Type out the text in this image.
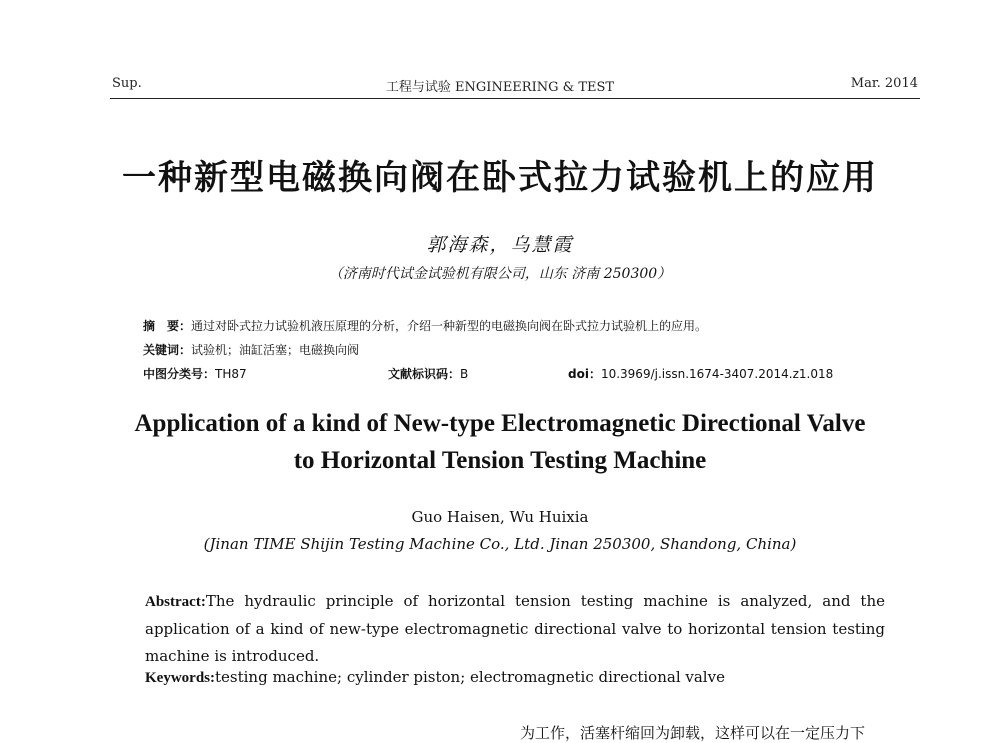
Sup.	工程与试验 ENGINEERING & TEST	Mar. 2014
一种新型电磁换向阀在卧式拉力试验机上的应用
郭海森，乌慧霞
（济南时代试金试验机有限公司，山东 济南 250300）
摘　要：通过对卧式拉力试验机液压原理的分析，介绍一种新型的电磁换向阀在卧式拉力试验机上的应用。
关键词：试验机；油缸活塞；电磁换向阀
中图分类号：TH87	文献标识码：B	doi：10.3969/j.issn.1674-3407.2014.z1.018
Application of a kind of New-type Electromagnetic Directional Valve
to Horizontal Tension Testing Machine
Guo Haisen, Wu Huixia
(Jinan TIME Shijin Testing Machine Co., Ltd. Jinan 250300, Shandong, China)
Abstract:The hydraulic principle of horizontal tension testing machine is analyzed, and the application of a kind of new-type electromagnetic directional valve to horizontal tension testing machine is introduced.
Keywords:testing machine; cylinder piston; electromagnetic directional valve
为工作，活塞杆缩回为卸载，这样可以在一定压力下
